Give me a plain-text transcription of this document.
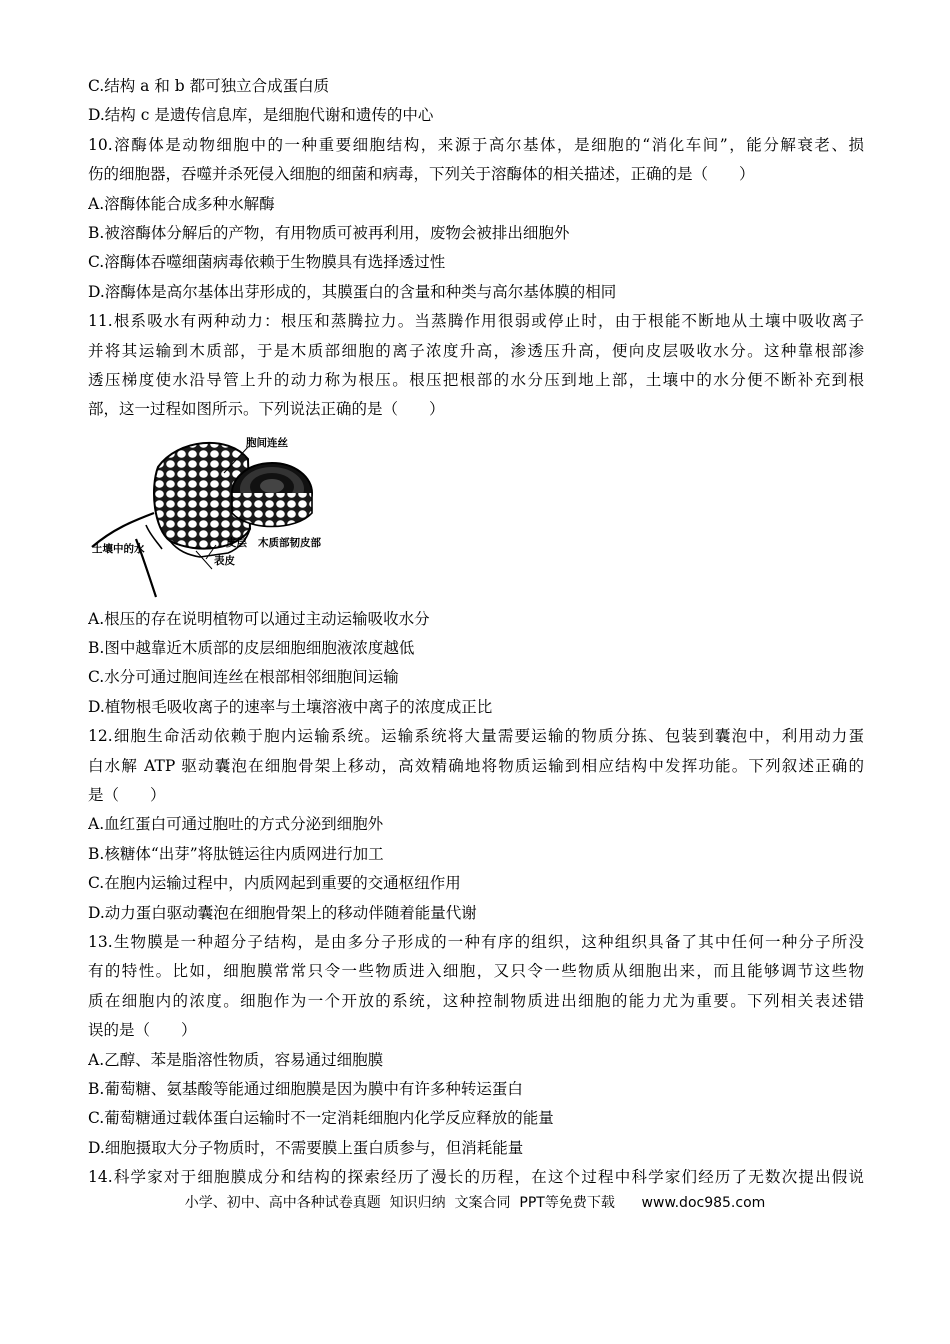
C.结构 a 和 b 都可独立合成蛋白质
D.结构 c 是遗传信息库，是细胞代谢和遗传的中心
10.溶酶体是动物细胞中的一种重要细胞结构，来源于高尔基体，是细胞的“消化车间”，能分解衰老、损
伤的细胞器，吞噬并杀死侵入细胞的细菌和病毒，下列关于溶酶体的相关描述，正确的是（　　）
A.溶酶体能合成多种水解酶
B.被溶酶体分解后的产物，有用物质可被再利用，废物会被排出细胞外
C.溶酶体吞噬细菌病毒依赖于生物膜具有选择透过性
D.溶酶体是高尔基体出芽形成的，其膜蛋白的含量和种类与高尔基体膜的相同
11.根系吸水有两种动力：根压和蒸腾拉力。当蒸腾作用很弱或停止时，由于根能不断地从土壤中吸收离子
并将其运输到木质部，于是木质部细胞的离子浓度升高，渗透压升高，便向皮层吸收水分。这种靠根部渗
透压梯度使水沿导管上升的动力称为根压。根压把根部的水分压到地上部，土壤中的水分便不断补充到根
部，这一过程如图所示。下列说法正确的是（　　）
胞间连丝
土壤中的水	皮层 木质部韧皮部
表皮
A.根压的存在说明植物可以通过主动运输吸收水分
B.图中越靠近木质部的皮层细胞细胞液浓度越低
C.水分可通过胞间连丝在根部相邻细胞间运输
D.植物根毛吸收离子的速率与土壤溶液中离子的浓度成正比
12.细胞生命活动依赖于胞内运输系统。运输系统将大量需要运输的物质分拣、包装到囊泡中，利用动力蛋
白水解 ATP 驱动囊泡在细胞骨架上移动，高效精确地将物质运输到相应结构中发挥功能。下列叙述正确的
是（　　）
A.血红蛋白可通过胞吐的方式分泌到细胞外
B.核糖体“出芽”将肽链运往内质网进行加工
C.在胞内运输过程中，内质网起到重要的交通枢纽作用
D.动力蛋白驱动囊泡在细胞骨架上的移动伴随着能量代谢
13.生物膜是一种超分子结构，是由多分子形成的一种有序的组织，这种组织具备了其中任何一种分子所没
有的特性。比如，细胞膜常常只令一些物质进入细胞，又只令一些物质从细胞出来，而且能够调节这些物
质在细胞内的浓度。细胞作为一个开放的系统，这种控制物质进出细胞的能力尤为重要。下列相关表述错
误的是（　　）
A.乙醇、苯是脂溶性物质，容易通过细胞膜
B.葡萄糖、氨基酸等能通过细胞膜是因为膜中有许多种转运蛋白
C.葡萄糖通过载体蛋白运输时不一定消耗细胞内化学反应释放的能量
D.细胞摄取大分子物质时，不需要膜上蛋白质参与，但消耗能量
14.科学家对于细胞膜成分和结构的探索经历了漫长的历程，在这个过程中科学家们经历了无数次提出假说
小学、初中、高中各种试卷真题  知识归纳  文案合同  PPT等免费下载      www.doc985.com
